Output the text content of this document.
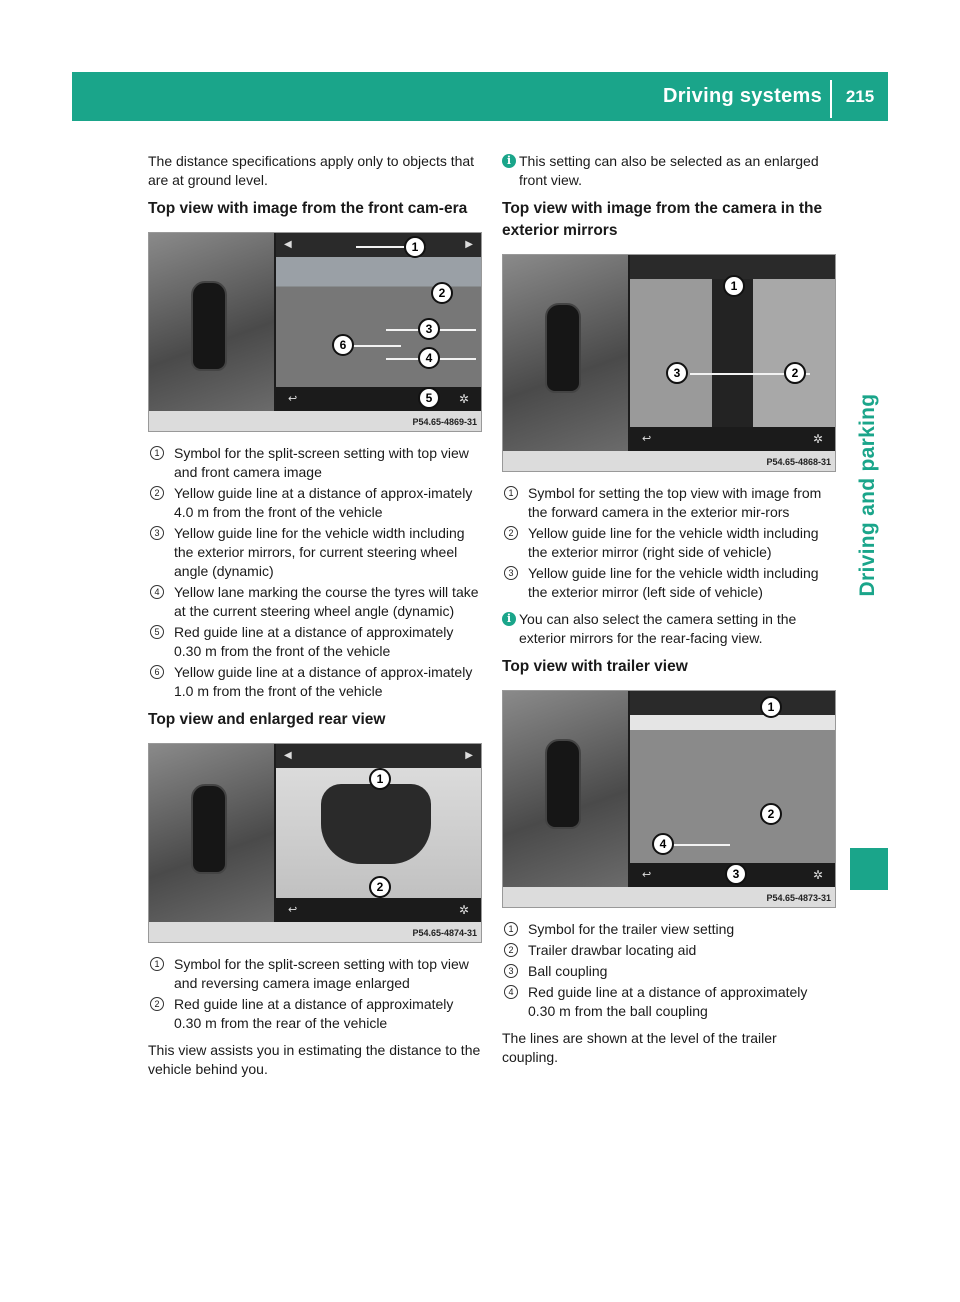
Driving systems	215
Driving and parking

The distance specifications apply only to objects that are at ground level.

Top view with image from the front cam-era
◀	▶
↩	✲
1
2
3
4
5
6
P54.65-4869-31
1	Symbol for the split-screen setting with top view and front camera image
2	Yellow guide line at a distance of approx-imately 4.0 m from the front of the vehicle
3	Yellow guide line for the vehicle width including the exterior mirrors, for current steering wheel angle (dynamic)
4	Yellow lane marking the course the tyres will take at the current steering wheel angle (dynamic)
5	Red guide line at a distance of approximately 0.30 m from the front of the vehicle
6	Yellow guide line at a distance of approx-imately 1.0 m from the front of the vehicle
Top view and enlarged rear view
◀	▶
↩	✲
1
2
P54.65-4874-31
1	Symbol for the split-screen setting with top view and reversing camera image enlarged
2	Red guide line at a distance of approximately 0.30 m from the rear of the vehicle

This view assists you in estimating the distance to the vehicle behind you.

i This setting can also be selected as an enlarged front view.
Top view with image from the camera in the exterior mirrors
↩	✲
1
2
3
P54.65-4868-31
1	Symbol for setting the top view with image from the forward camera in the exterior mir-rors
2	Yellow guide line for the vehicle width including the exterior mirror (right side of vehicle)
3	Yellow guide line for the vehicle width including the exterior mirror (left side of vehicle)
i You can also select the camera setting in the exterior mirrors for the rear-facing view.
Top view with trailer view
↩	✲
1
2
3
4
P54.65-4873-31
1	Symbol for the trailer view setting
2	Trailer drawbar locating aid
3	Ball coupling
4	Red guide line at a distance of approximately 0.30 m from the ball coupling

The lines are shown at the level of the trailer coupling.
